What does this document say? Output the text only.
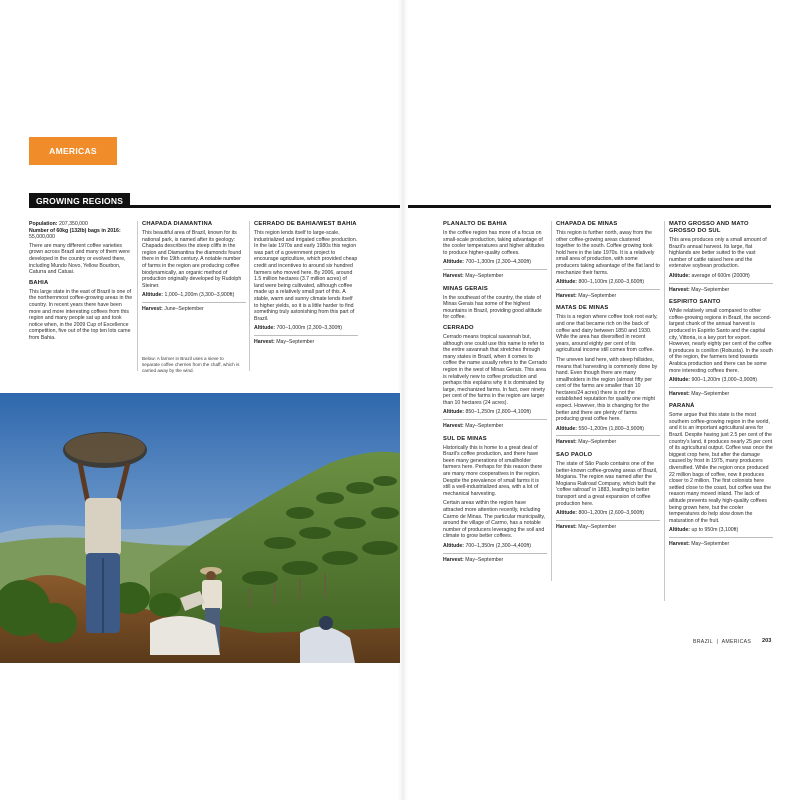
AMERICAS
GROWING REGIONS
Population: 207,350,000
Number of 60kg (132lb) bags in 2016: 55,000,000

There are many different coffee varieties grown across Brazil and many of them were developed in the country or evolved there, including Mundo Novo, Yellow Bourbon, Caturra and Catuai.

BAHIA

This large state in the east of Brazil is one of the northernmost coffee-growing areas in the country. In recent years there have been more and more interesting coffees from this region and many people sat up and took notice when, in the 2009 Cup of Excellence competition, five out of the top ten lots came from Bahia.

CHAPADA DIAMANTINA

This beautiful area of Brazil, known for its national park, is named after its geology: Chapada describes the steep cliffs in the region and Diamantina the diamonds found there in the 19th century. A notable number of farms in the region are producing coffee biodynamically, an organic method of production originally developed by Rudolph Steiner.

Altitude: 1,000–1,200m (3,300–3,900ft)
Harvest: June–September
Below: A farmer in Brazil uses a sieve to separate coffee cherries from the chaff, which is carried away by the wind.
CERRADO DE BAHIA/WEST BAHIA

This region lends itself to large-scale, industrialized and irrigated coffee production. In the late 1970s and early 1980s this region was part of a government project to encourage agriculture, which provided cheap credit and incentives to around six hundred farmers who moved here. By 2006, around 1.5 million hectares (3.7 million acres) of land were being cultivated, although coffee made up a relatively small part of this. A stable, warm and sunny climate lends itself to higher yields, so it is a little harder to find something truly astonishing from this part of Brazil.

Altitude: 700–1,000m (2,300–3,300ft)
Harvest: May–September
PLANALTO DE BAHIA

In the coffee region has more of a focus on small-scale production, taking advantage of the cooler temperatures and higher altitudes to produce higher-quality coffees.

Altitude: 700–1,300m (2,300–4,300ft)
Harvest: May–September
MINAS GERAIS

In the southeast of the country, the state of Minas Gerais has some of the highest mountains in Brazil, providing good altitude for coffee.

CERRADO

Cerrado means tropical savannah but, although one could use this name to refer to the entire savannah that stretches through many states in Brazil, when it comes to coffee the name usually refers to the Cerrado region in the west of Minas Gerais. This area is relatively new to coffee production and perhaps this explains why it is dominated by large, mechanized farms. In fact, over ninety per cent of the farms in the region are larger than 10 hectares (24 acres).

Altitude: 850–1,250m (2,800–4,100ft)
Harvest: May–September
SUL DE MINAS

Historically this is home to a great deal of Brazil's coffee production, and there have been many generations of smallholder farmers here. Perhaps for this reason there are many more cooperatives in the region. Despite the prevalence of small farms it is still a well-industrialized area, with a lot of mechanical harvesting.

Certain areas within the region have attracted more attention recently, including Carmo de Minas. The particular municipality, around the village of Carmo, has a notable number of producers leveraging the soil and climate to grow better coffees.

Altitude: 700–1,350m (2,300–4,400ft)
Harvest: May–September
CHAPADA DE MINAS

This region is further north, away from the other coffee-growing areas clustered together to the south. Coffee growing took hold here in the late 1970s. It is a relatively small area of production, with some producers taking advantage of the flat land to mechanize their farms.

Altitude: 800–1,100m (2,600–3,600ft)
Harvest: May–September
MATAS DE MINAS

This is a region where coffee took root early, and one that became rich on the back of coffee and dairy between 1850 and 1930. While the area has diversified in recent years, around eighty per cent of its agricultural income still comes from coffee.

The uneven land here, with steep hillsides, means that harvesting is commonly done by hand. Even though there are many smallholders in the region (almost fifty per cent of the farms are smaller than 10 hectares/24 acres) there is not the established reputation for quality one might expect. However, this is changing for the better and there are plenty of farms producing great coffee here.

Altitude: 550–1,200m (1,800–3,900ft)
Harvest: May–September
SAO PAOLO

The state of São Paolo contains one of the better-known coffee-growing areas of Brazil, Mogiana. The region was named after the Mogiana Railroad Company, which built the 'coffee railroad' in 1883, leading to better transport and a great expansion of coffee production here.

Altitude: 800–1,200m (2,600–3,900ft)
Harvest: May–September
MATO GROSSO AND MATO GROSSO DO SUL

This area produces only a small amount of Brazil's annual harvest. Its large, flat highlands are better suited to the vast number of cattle raised here and the extensive soybean production.

Altitude: average of 600m (2000ft)
Harvest: May–September
ESPIRITO SANTO

While relatively small compared to other coffee-growing regions in Brazil, the second-largest chunk of the annual harvest is produced in Espirito Santo and the capital city, Vittoria, is a key port for export. However, nearly eighty per cent of the coffee it produces is conillon (Robusta). In the south of the region, the farmers tend towards Arabica production and there can be some more interesting coffees there.

Altitude: 900–1,200m (3,000–3,900ft)
Harvest: May–September
PARANÁ

Some argue that this state is the most southern coffee-growing region in the world, and it is an important agricultural area for Brazil. Despite having just 2.5 per cent of the country's land, it produces nearly 25 per cent of its agricultural output. Coffee was once the biggest crop here, but after the damage caused by frost in 1975, many producers diversified. While the region once produced 22 million bags of coffee, now it produces closer to 2 million. The first colonists here settled close to the coast, but coffee was the reason many moved inland. The lack of altitude prevents really high-quality coffees being grown here, but the cooler temperatures do help slow down the maturation of the fruit.

Altitude: up to 950m (3,100ft)
Harvest: May–September
BRAZIL | AMERICAS 203
